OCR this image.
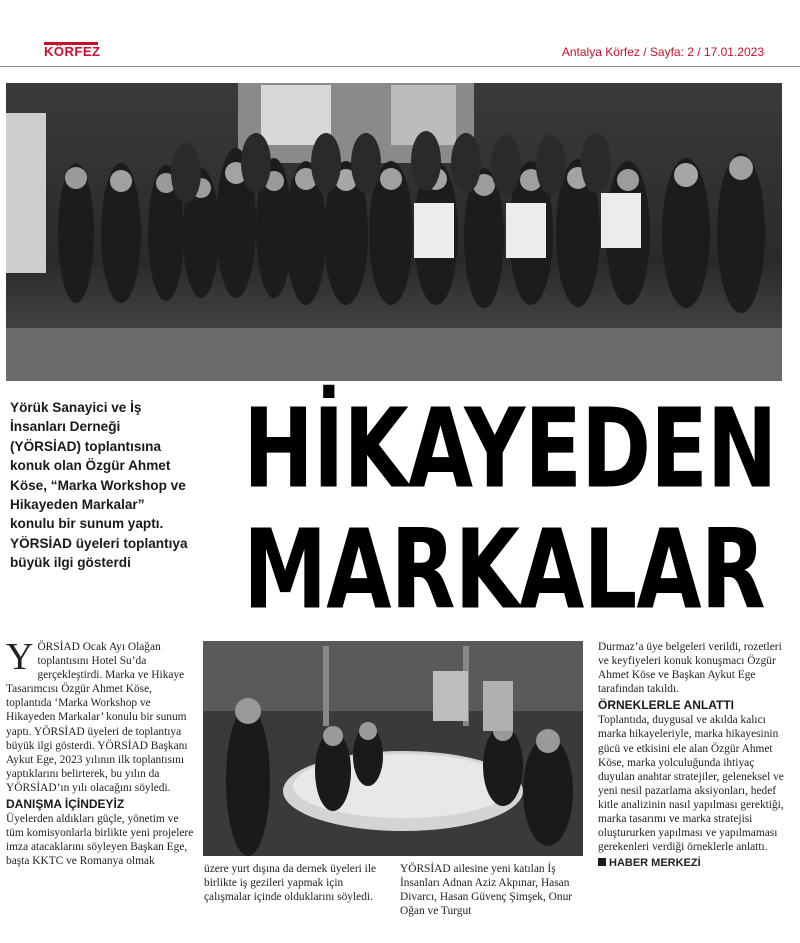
KÖRFEZ	Antalya Körfez / Sayfa: 2 / 17.01.2023
Yörük Sanayici ve İş İnsanları Derneği (YÖRSİAD) toplantısına konuk olan Özgür Ahmet Köse, “Marka Workshop ve Hikayeden Markalar” konulu bir sunum yaptı. YÖRSİAD üyeleri toplantıya büyük ilgi gösterdi
HİKAYEDEN
MARKALAR

YÖRSİAD Ocak Ayı Olağan toplantısını Hotel Su’da gerçekleştirdi. Marka ve Hikaye Tasarımcısı Özgür Ahmet Köse, toplantıda ‘Marka Workshop ve Hikayeden Markalar’ konulu bir sunum yaptı. YÖRSİAD üyeleri de toplantıya büyük ilgi gösterdi. YÖRSİAD Başkanı Aykut Ege, 2023 yılının ilk toplantısını yaptıklarını belirterek, bu yılın da YÖRSİAD’ın yılı olacağını söyledi.

DANIŞMA İÇİNDEYİZ

Üyelerden aldıkları güçle, yönetim ve tüm komisyonlarla birlikte yeni projelere imza atacaklarını söyleyen Başkan Ege, başta KKTC ve Romanya olmak

üzere yurt dışına da dernek üyeleri ile birlikte iş gezileri yapmak için çalışmalar içinde olduklarını söyledi.

YÖRSİAD ailesine yeni katılan İş İnsanları Adnan Aziz Akpınar, Hasan Divarcı, Hasan Güvenç Şimşek, Onur Oğan ve Turgut

Durmaz’a üye belgeleri verildi, rozetleri ve keyfiyeleri konuk konuşmacı Özgür Ahmet Köse ve Başkan Aykut Ege tarafından takıldı.

ÖRNEKLERLE ANLATTI

Toplantıda, duygusal ve akılda kalıcı marka hikayeleriyle, marka hikayesinin gücü ve etkisini ele alan Özgür Ahmet Köse, marka yolculuğunda ihtiyaç duyulan anahtar stratejiler, geleneksel ve yeni nesil pazarlama aksiyonları, hedef kitle analizinin nasıl yapılması gerektiği, marka tasarımı ve marka stratejisi oluştururken yapılması ve yapılmaması gerekenleri verdiği örneklerle anlattı.

HABER MERKEZİ
